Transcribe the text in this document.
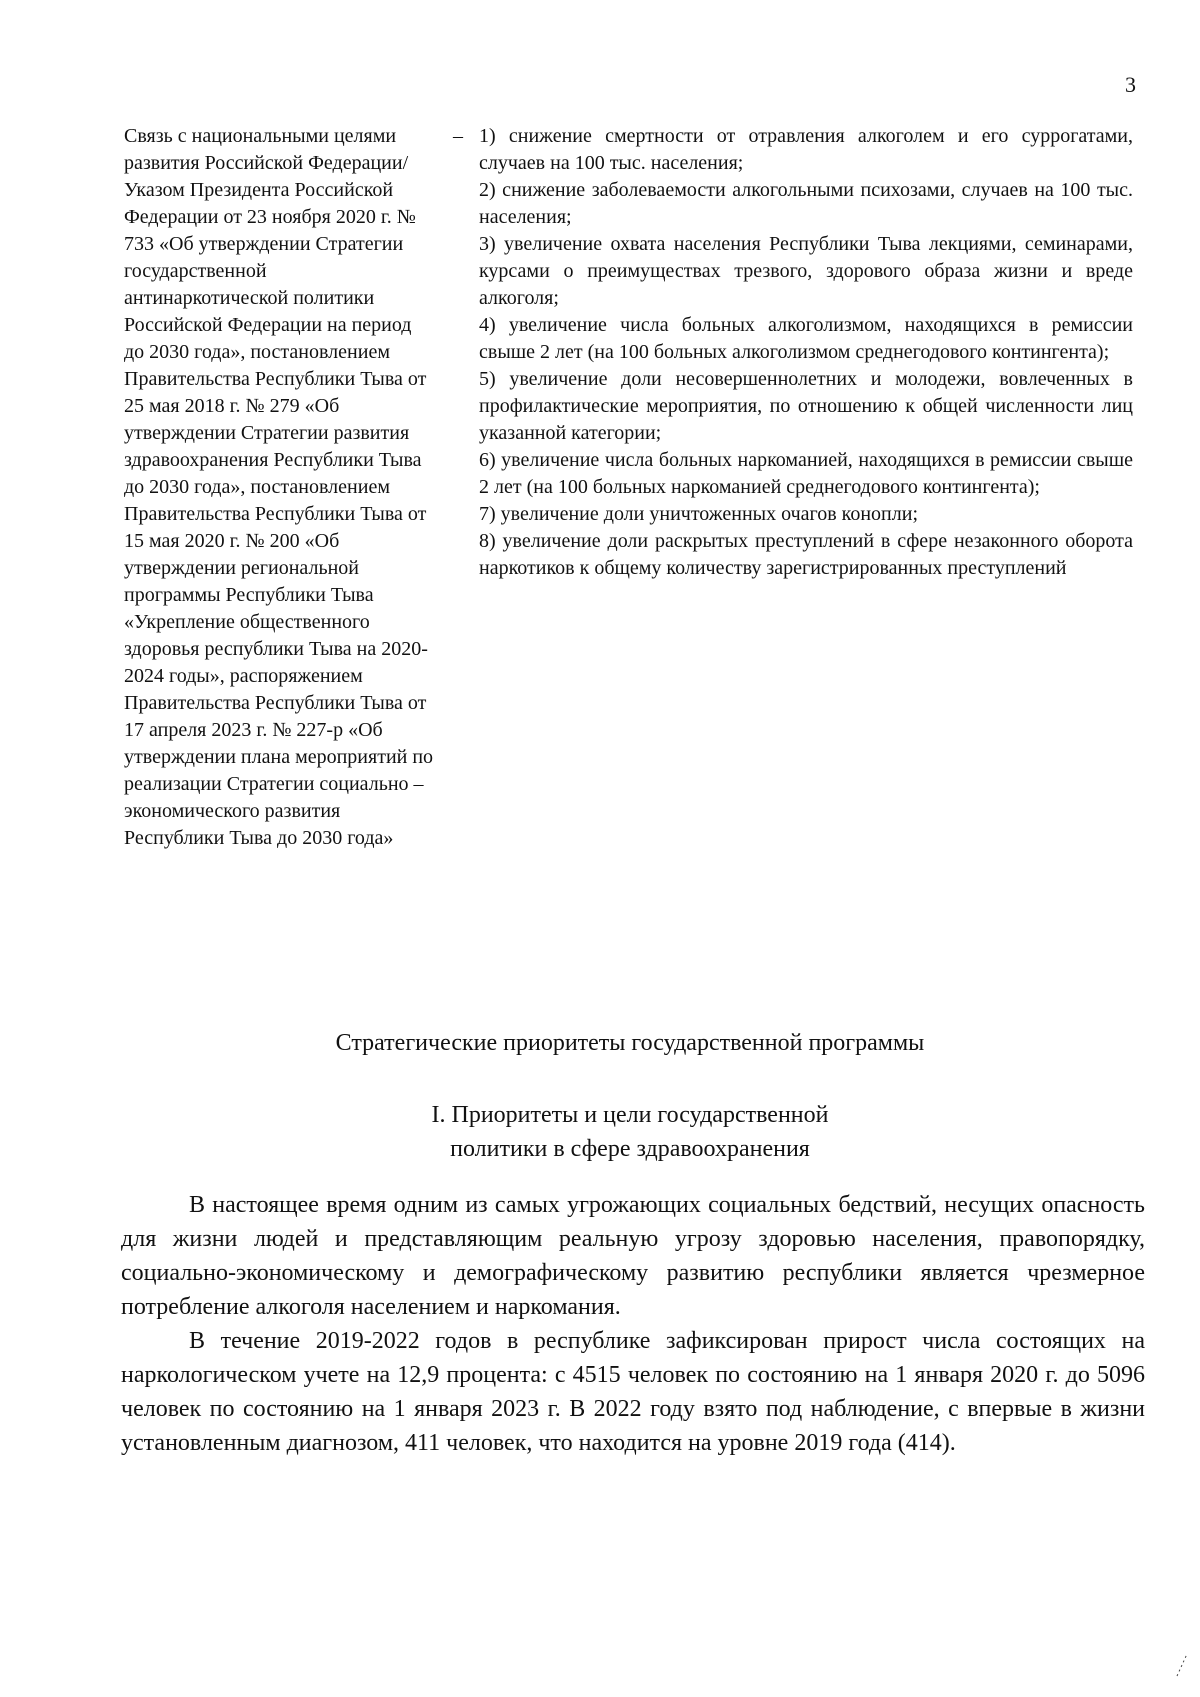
3
Связь с национальными целями развития Российской Федерации/ Указом Президента Российской Федерации от 23 ноября 2020 г. № 733 «Об утверждении Стратегии государственной антинаркотической политики Российской Федерации на период до 2030 года», постановлением Правительства Республики Тыва от 25 мая 2018 г. № 279 «Об утверждении Стратегии развития здравоохранения Республики Тыва до 2030 года», постановлением Правительства Республики Тыва от 15 мая 2020 г. № 200 «Об утверждении региональной программы Республики Тыва «Укрепление общественного здоровья республики Тыва на 2020-2024 годы», распоряжением Правительства Республики Тыва от 17 апреля 2023 г. № 227-р «Об утверждении плана мероприятий по реализации Стратегии социально – экономического развития Республики Тыва до 2030 года»
– 1) снижение смертности от отравления алкоголем и его суррогатами, случаев на 100 тыс. населения;

2) снижение заболеваемости алкогольными психозами, случаев на 100 тыс. населения;

3) увеличение охвата населения Республики Тыва лекциями, семинарами, курсами о преимуществах трезвого, здорового образа жизни и вреде алкоголя;

4) увеличение числа больных алкоголизмом, находящихся в ремиссии свыше 2 лет (на 100 больных алкоголизмом среднегодового контингента);

5) увеличение доли несовершеннолетних и молодежи, вовлеченных в профилактические мероприятия, по отношению к общей численности лиц указанной категории;

6) увеличение числа больных наркоманией, находящихся в ремиссии свыше 2 лет (на 100 больных наркоманией среднегодового контингента);

7) увеличение доли уничтоженных очагов конопли;

8) увеличение доли раскрытых преступлений в сфере незаконного оборота наркотиков к общему количеству зарегистрированных преступлений

Стратегические приоритеты государственной программы
I. Приоритеты и цели государственной
политики в сфере здравоохранения

В настоящее время одним из самых угрожающих социальных бедствий, несущих опасность для жизни людей и представляющим реальную угрозу здоровью населения, правопорядку, социально-экономическому и демографическому развитию республики является чрезмерное потребление алкоголя населением и наркомания.

В течение 2019-2022 годов в республике зафиксирован прирост числа состоящих на наркологическом учете на 12,9 процента: с 4515 человек по состоянию на 1 января 2020 г. до 5096 человек по состоянию на 1 января 2023 г. В 2022 году взято под наблюдение, с впервые в жизни установленным диагнозом, 411 человек, что находится на уровне 2019 года (414).
